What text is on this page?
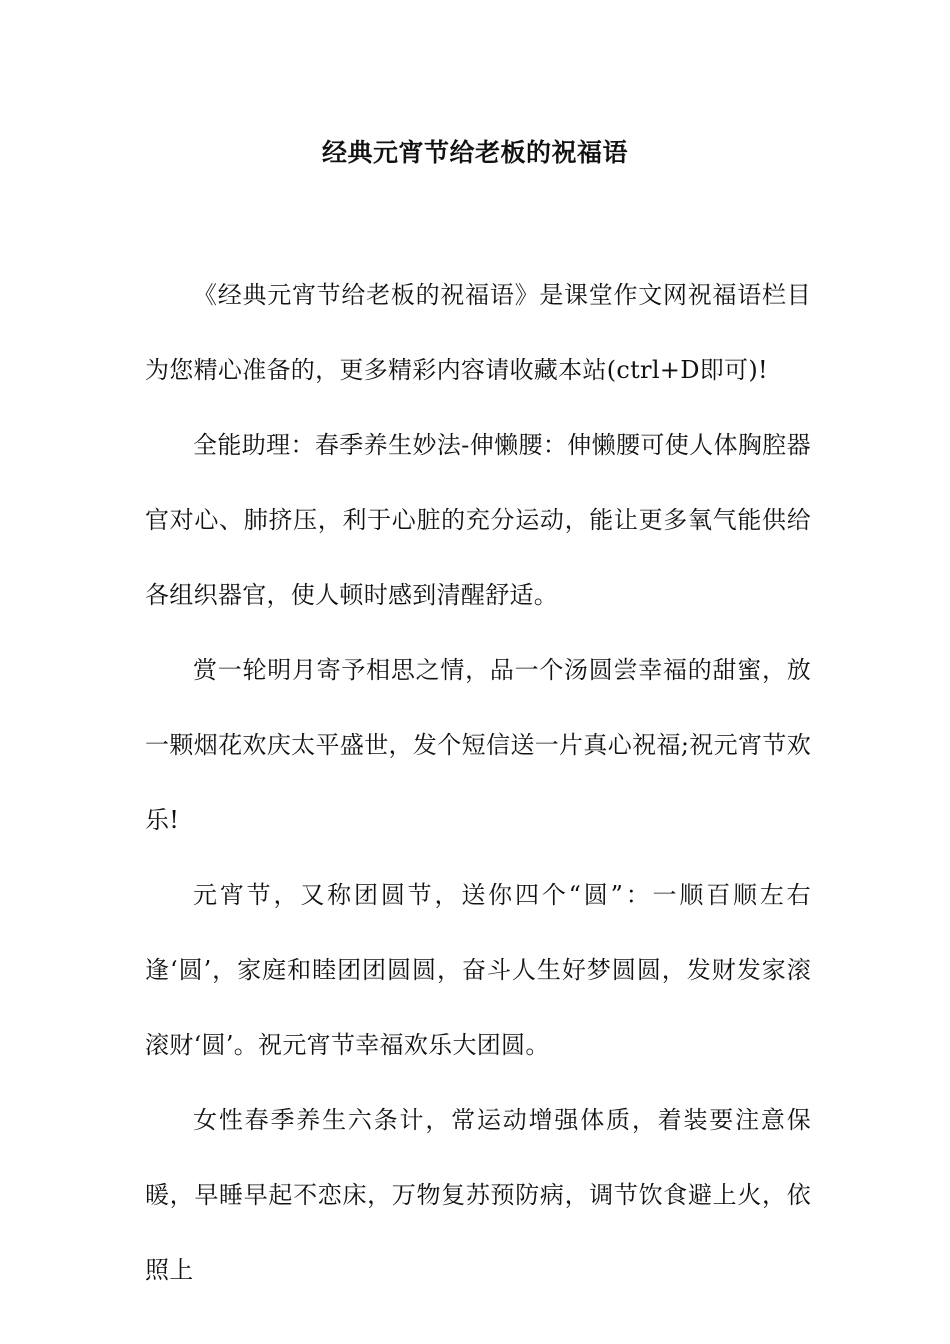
经典元宵节给老板的祝福语

《经典元宵节给老板的祝福语》是课堂作文网祝福语栏目为您精心准备的，更多精彩内容请收藏本站(ctrl+D即可)!

全能助理：春季养生妙法-伸懒腰：伸懒腰可使人体胸腔器官对心、肺挤压，利于心脏的充分运动，能让更多氧气能供给各组织器官，使人顿时感到清醒舒适。

赏一轮明月寄予相思之情，品一个汤圆尝幸福的甜蜜，放一颗烟花欢庆太平盛世，发个短信送一片真心祝福;祝元宵节欢乐!

元宵节，又称团圆节，送你四个“圆”：一顺百顺左右逢‘圆’，家庭和睦团团圆圆，奋斗人生好梦圆圆，发财发家滚滚财‘圆’。祝元宵节幸福欢乐大团圆。

女性春季养生六条计，常运动增强体质，着装要注意保暖，早睡早起不恋床，万物复苏预防病，调节饮食避上火，依照上
